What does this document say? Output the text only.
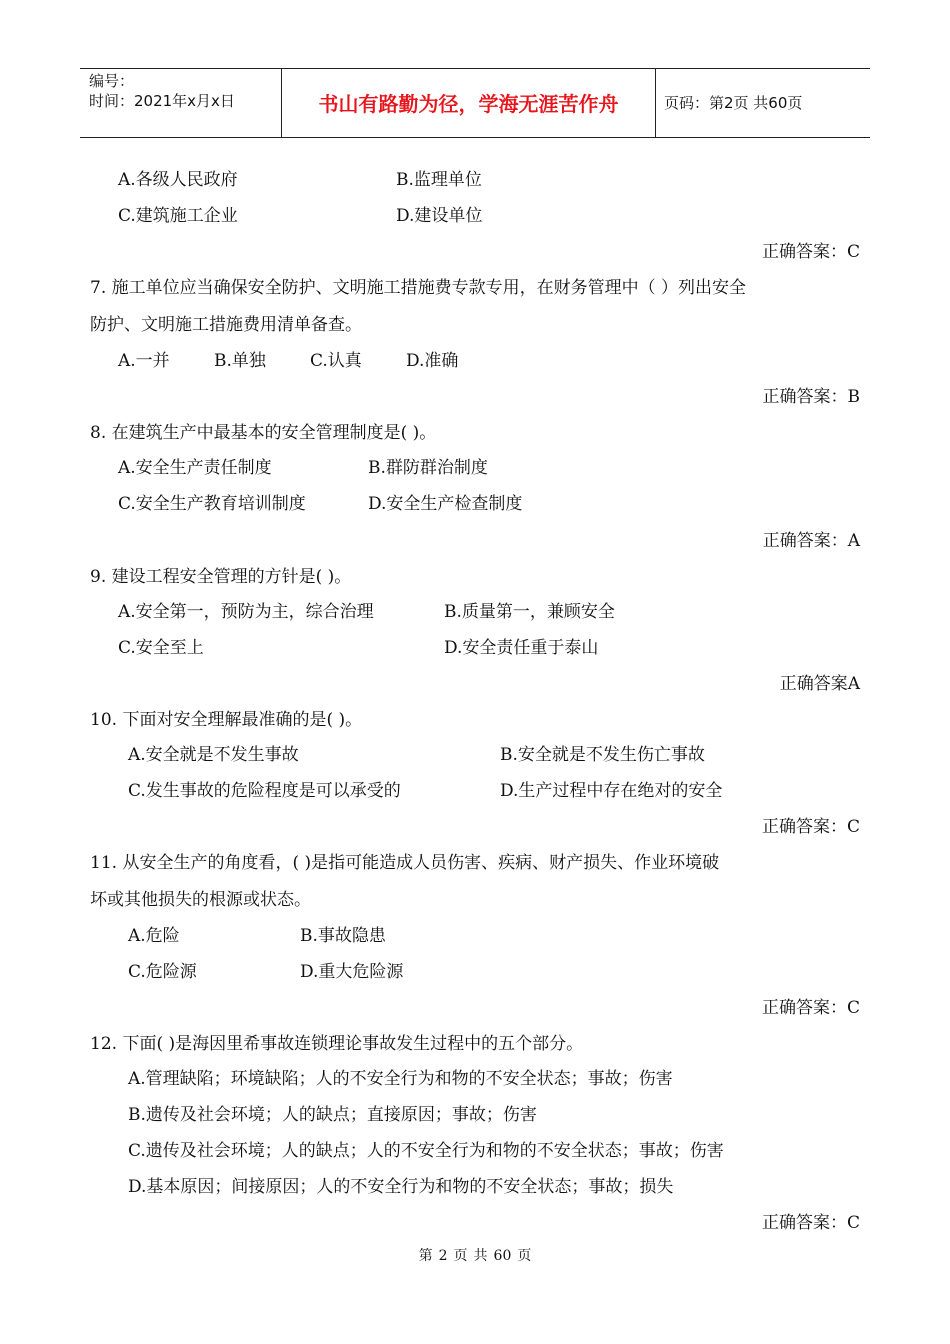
编号：
时间：2021年x月x日	书山有路勤为径，学海无涯苦作舟	页码：第2页 共60页
A.各级人民政府	B.监理单位
C.建筑施工企业	D.建设单位
正确答案：C
7. 施工单位应当确保安全防护、文明施工措施费专款专用，在财务管理中（ ）列出安全
防护、文明施工措施费用清单备查。
A.一并	B.单独	C.认真	D.准确
正确答案：B
8. 在建筑生产中最基本的安全管理制度是( )。
A.安全生产责任制度	B.群防群治制度
C.安全生产教育培训制度	D.安全生产检查制度
正确答案：A
9. 建设工程安全管理的方针是( )。
A.安全第一，预防为主，综合治理	B.质量第一，兼顾安全
C.安全至上	D.安全责任重于泰山
正确答案A
10. 下面对安全理解最准确的是( )。
A.安全就是不发生事故	B.安全就是不发生伤亡事故
C.发生事故的危险程度是可以承受的	D.生产过程中存在绝对的安全
正确答案：C
11. 从安全生产的角度看，( )是指可能造成人员伤害、疾病、财产损失、作业环境破
坏或其他损失的根源或状态。
A.危险	B.事故隐患
C.危险源	D.重大危险源
正确答案：C
12. 下面( )是海因里希事故连锁理论事故发生过程中的五个部分。
A.管理缺陷；环境缺陷；人的不安全行为和物的不安全状态；事故；伤害
B.遗传及社会环境；人的缺点；直接原因；事故；伤害
C.遗传及社会环境；人的缺点；人的不安全行为和物的不安全状态；事故；伤害
D.基本原因；间接原因；人的不安全行为和物的不安全状态；事故；损失
正确答案：C
第 2 页 共 60 页
